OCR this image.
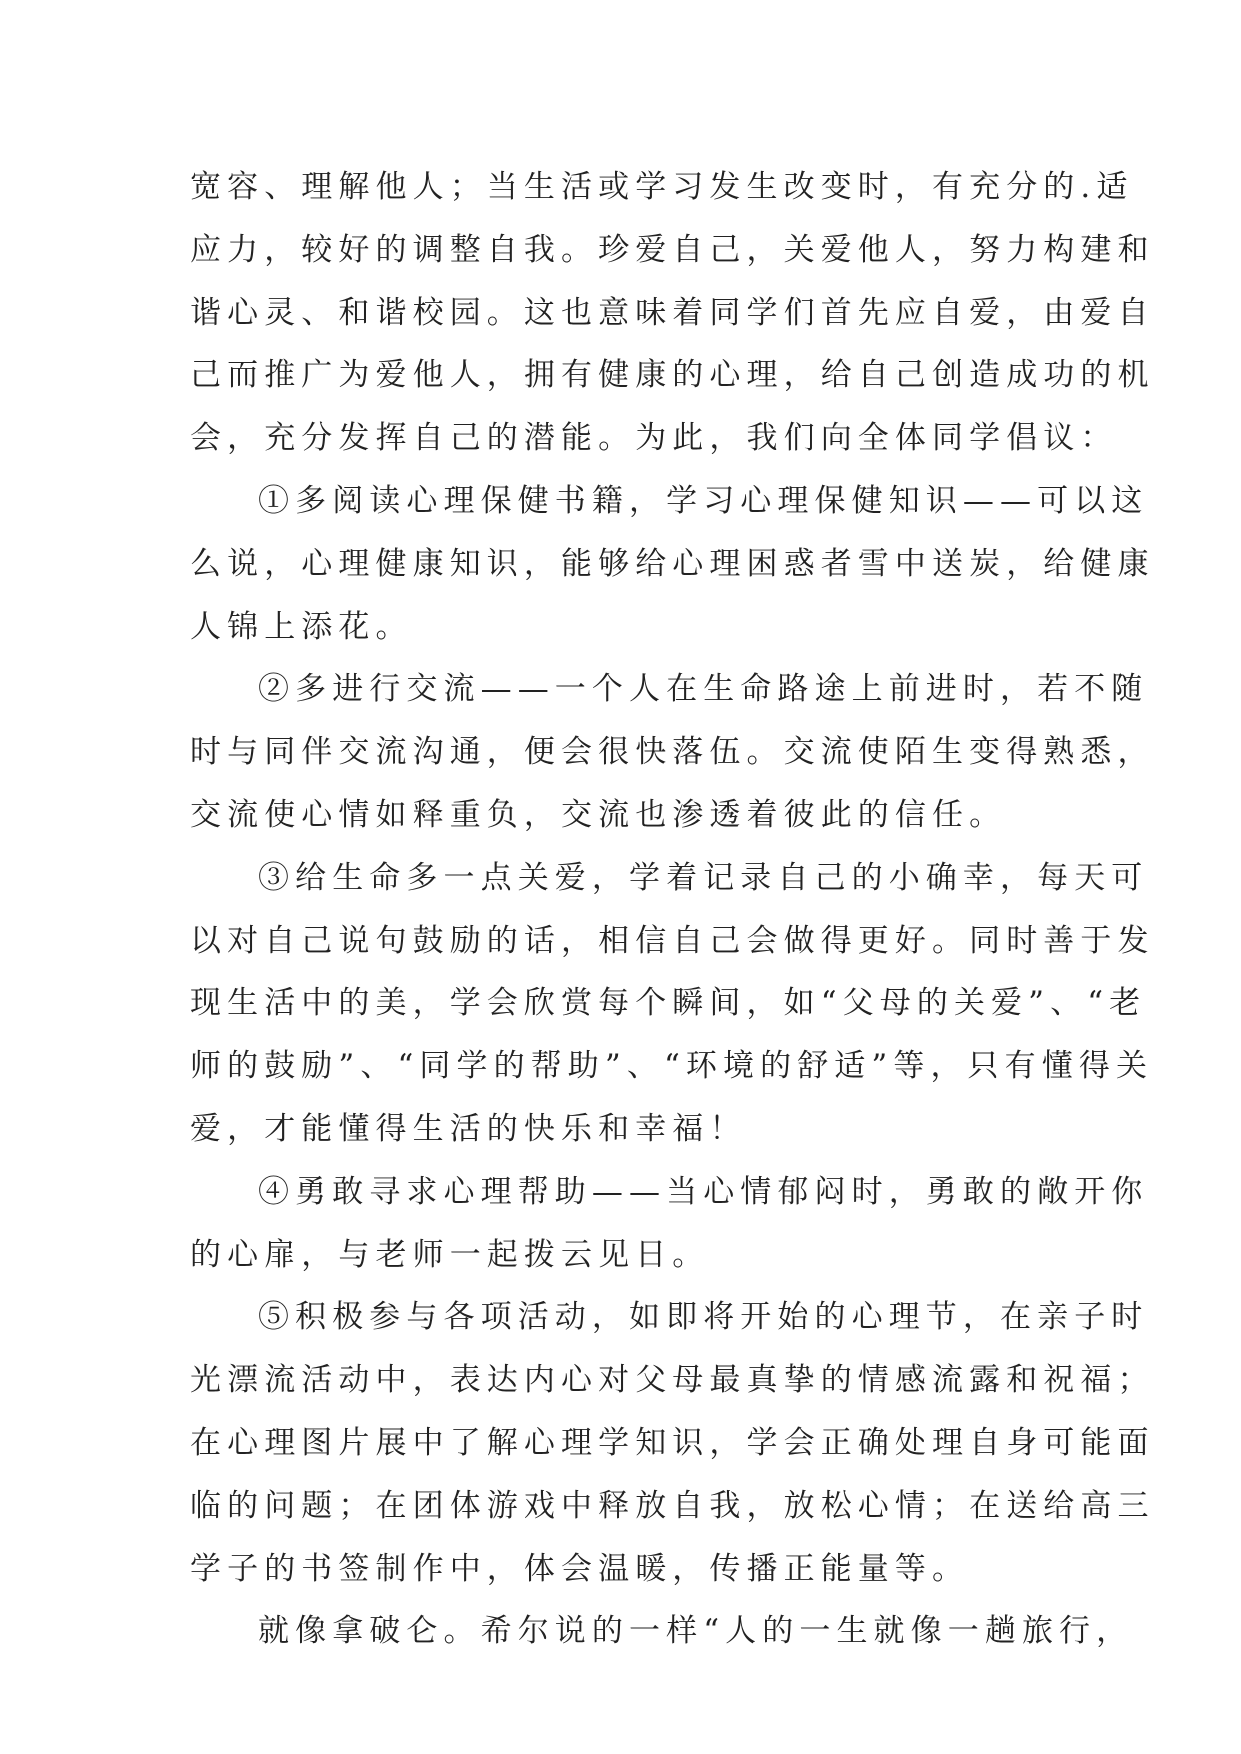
宽容、理解他人；当生活或学习发生改变时，有充分的.适
应力，较好的调整自我。珍爱自己，关爱他人，努力构建和
谐心灵、和谐校园。这也意味着同学们首先应自爱，由爱自
己而推广为爱他人，拥有健康的心理，给自己创造成功的机
会，充分发挥自己的潜能。为此，我们向全体同学倡议：
①多阅读心理保健书籍，学习心理保健知识——可以这
么说，心理健康知识，能够给心理困惑者雪中送炭，给健康
人锦上添花。
②多进行交流——一个人在生命路途上前进时，若不随
时与同伴交流沟通，便会很快落伍。交流使陌生变得熟悉，
交流使心情如释重负，交流也渗透着彼此的信任。
③给生命多一点关爱，学着记录自己的小确幸，每天可
以对自己说句鼓励的话，相信自己会做得更好。同时善于发
现生活中的美，学会欣赏每个瞬间，如“父母的关爱”、“老
师的鼓励”、“同学的帮助”、“环境的舒适”等，只有懂得关
爱，才能懂得生活的快乐和幸福！
④勇敢寻求心理帮助——当心情郁闷时，勇敢的敞开你
的心扉，与老师一起拨云见日。
⑤积极参与各项活动，如即将开始的心理节，在亲子时
光漂流活动中，表达内心对父母最真挚的情感流露和祝福；
在心理图片展中了解心理学知识，学会正确处理自身可能面
临的问题；在团体游戏中释放自我，放松心情；在送给高三
学子的书签制作中，体会温暖，传播正能量等。
就像拿破仑。希尔说的一样“人的一生就像一趟旅行，
